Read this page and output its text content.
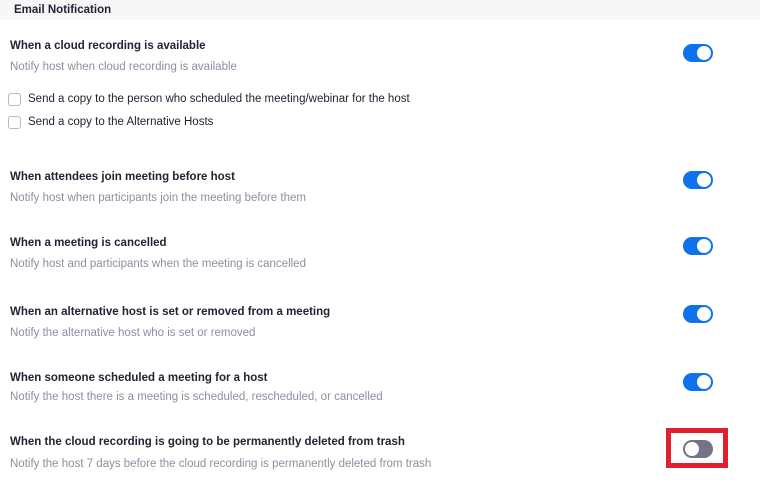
Email Notification
When a cloud recording is available
Notify host when cloud recording is available
Send a copy to the person who scheduled the meeting/webinar for the host
Send a copy to the Alternative Hosts
When attendees join meeting before host
Notify host when participants join the meeting before them
When a meeting is cancelled
Notify host and participants when the meeting is cancelled
When an alternative host is set or removed from a meeting
Notify the alternative host who is set or removed
When someone scheduled a meeting for a host
Notify the host there is a meeting is scheduled, rescheduled, or cancelled
When the cloud recording is going to be permanently deleted from trash
Notify the host 7 days before the cloud recording is permanently deleted from trash
